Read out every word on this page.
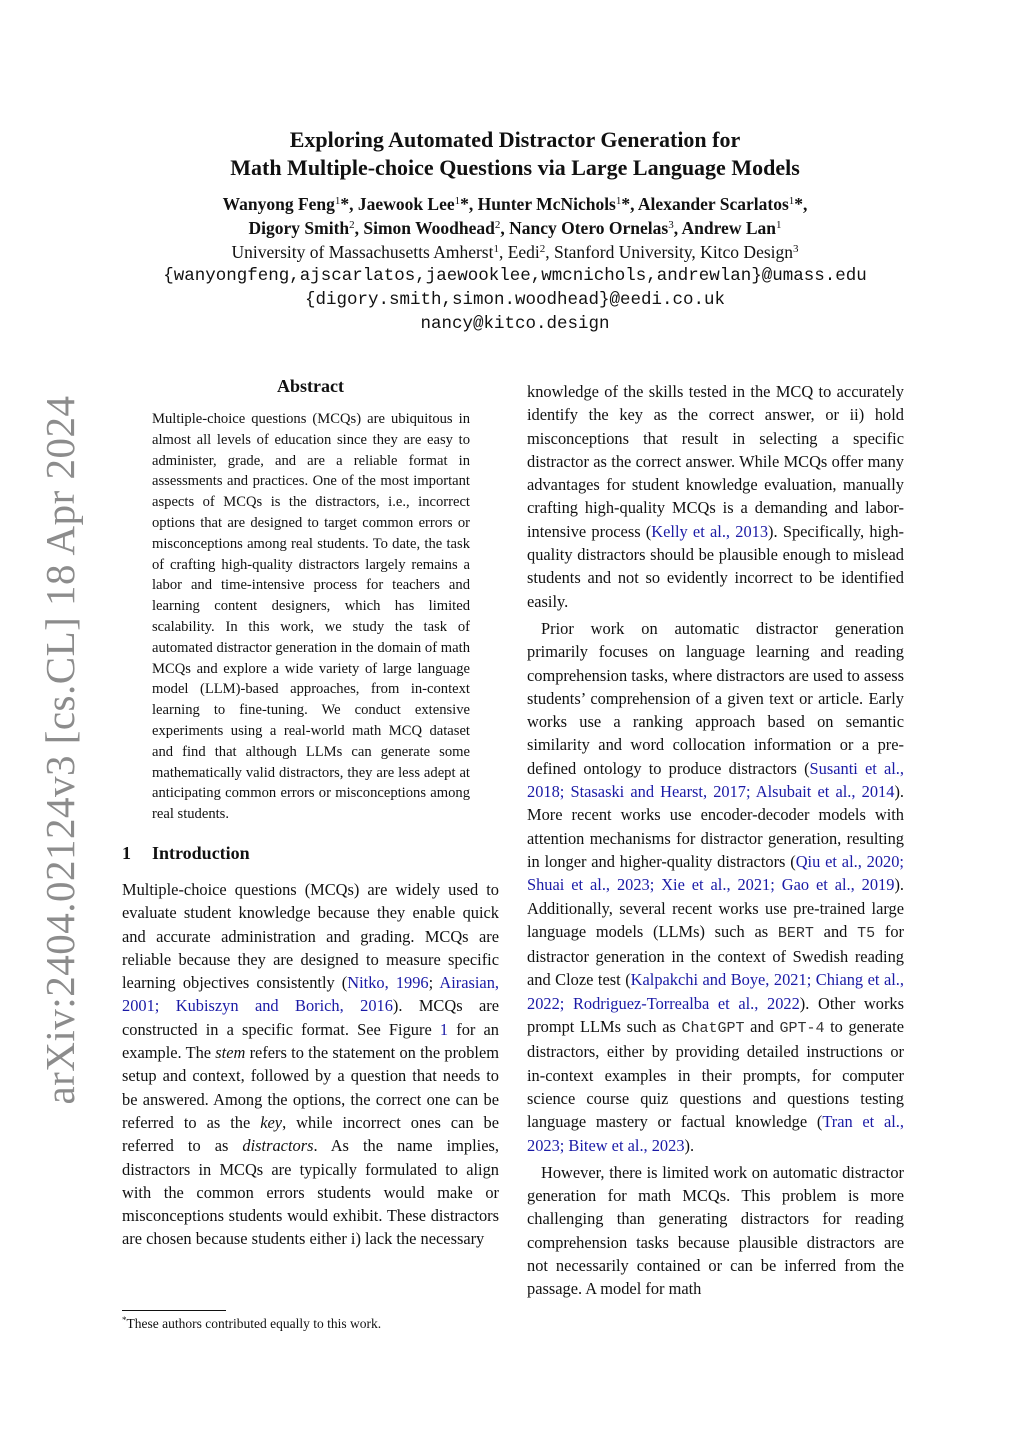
arXiv:2404.02124v3 [cs.CL] 18 Apr 2024
Exploring Automated Distractor Generation for
Math Multiple-choice Questions via Large Language Models
Wanyong Feng$^1$*, Jaewook Lee$^1$*, Hunter McNichols$^1$*, Alexander Scarlatos$^1$*,
Digory Smith$^2$, Simon Woodhead$^2$, Nancy Otero Ornelas$^3$, Andrew Lan$^1$
University of Massachusetts Amherst$^1$, Eedi$^2$, Stanford University, Kitco Design$^3$
{wanyongfeng,ajscarlatos,jaewooklee,wmcnichols,andrewlan}@umass.edu
{digory.smith,simon.woodhead}@eedi.co.uk
nancy@kitco.design
Abstract

Multiple-choice questions (MCQs) are ubiquitous in almost all levels of education since they are easy to administer, grade, and are a reliable format in assessments and practices. One of the most important aspects of MCQs is the distractors, i.e., incorrect options that are designed to target common errors or misconceptions among real students. To date, the task of crafting high-quality distractors largely remains a labor and time-intensive process for teachers and learning content designers, which has limited scalability. In this work, we study the task of automated distractor generation in the domain of math MCQs and explore a wide variety of large language model (LLM)-based approaches, from in-context learning to fine-tuning. We conduct extensive experiments using a real-world math MCQ dataset and find that although LLMs can generate some mathematically valid distractors, they are less adept at anticipating common errors or misconceptions among real students.

1 Introduction

Multiple-choice questions (MCQs) are widely used to evaluate student knowledge because they enable quick and accurate administration and grading. MCQs are reliable because they are designed to measure specific learning objectives consistently (Nitko, 1996; Airasian, 2001; Kubiszyn and Borich, 2016). MCQs are constructed in a specific format. See Figure 1 for an example. The stem refers to the statement on the problem setup and context, followed by a question that needs to be answered. Among the options, the correct one can be referred to as the key, while incorrect ones can be referred to as distractors. As the name implies, distractors in MCQs are typically formulated to align with the common errors students would make or misconceptions students would exhibit. These distractors are chosen because students either i) lack the necessary

knowledge of the skills tested in the MCQ to accurately identify the key as the correct answer, or ii) hold misconceptions that result in selecting a specific distractor as the correct answer. While MCQs offer many advantages for student knowledge evaluation, manually crafting high-quality MCQs is a demanding and labor-intensive process (Kelly et al., 2013). Specifically, high-quality distractors should be plausible enough to mislead students and not so evidently incorrect to be identified easily.

Prior work on automatic distractor generation primarily focuses on language learning and reading comprehension tasks, where distractors are used to assess students’ comprehension of a given text or article. Early works use a ranking approach based on semantic similarity and word collocation information or a pre-defined ontology to produce distractors (Susanti et al., 2018; Stasaski and Hearst, 2017; Alsubait et al., 2014). More recent works use encoder-decoder models with attention mechanisms for distractor generation, resulting in longer and higher-quality distractors (Qiu et al., 2020; Shuai et al., 2023; Xie et al., 2021; Gao et al., 2019). Additionally, several recent works use pre-trained large language models (LLMs) such as BERT and T5 for distractor generation in the context of Swedish reading and Cloze test (Kalpakchi and Boye, 2021; Chiang et al., 2022; Rodriguez-Torrealba et al., 2022). Other works prompt LLMs such as ChatGPT and GPT-4 to generate distractors, either by providing detailed instructions or in-context examples in their prompts, for computer science course quiz questions and questions testing language mastery or factual knowledge (Tran et al., 2023; Bitew et al., 2023).

However, there is limited work on automatic distractor generation for math MCQs. This problem is more challenging than generating distractors for reading comprehension tasks because plausible distractors are not necessarily contained or can be inferred from the passage. A model for math

*These authors contributed equally to this work.
